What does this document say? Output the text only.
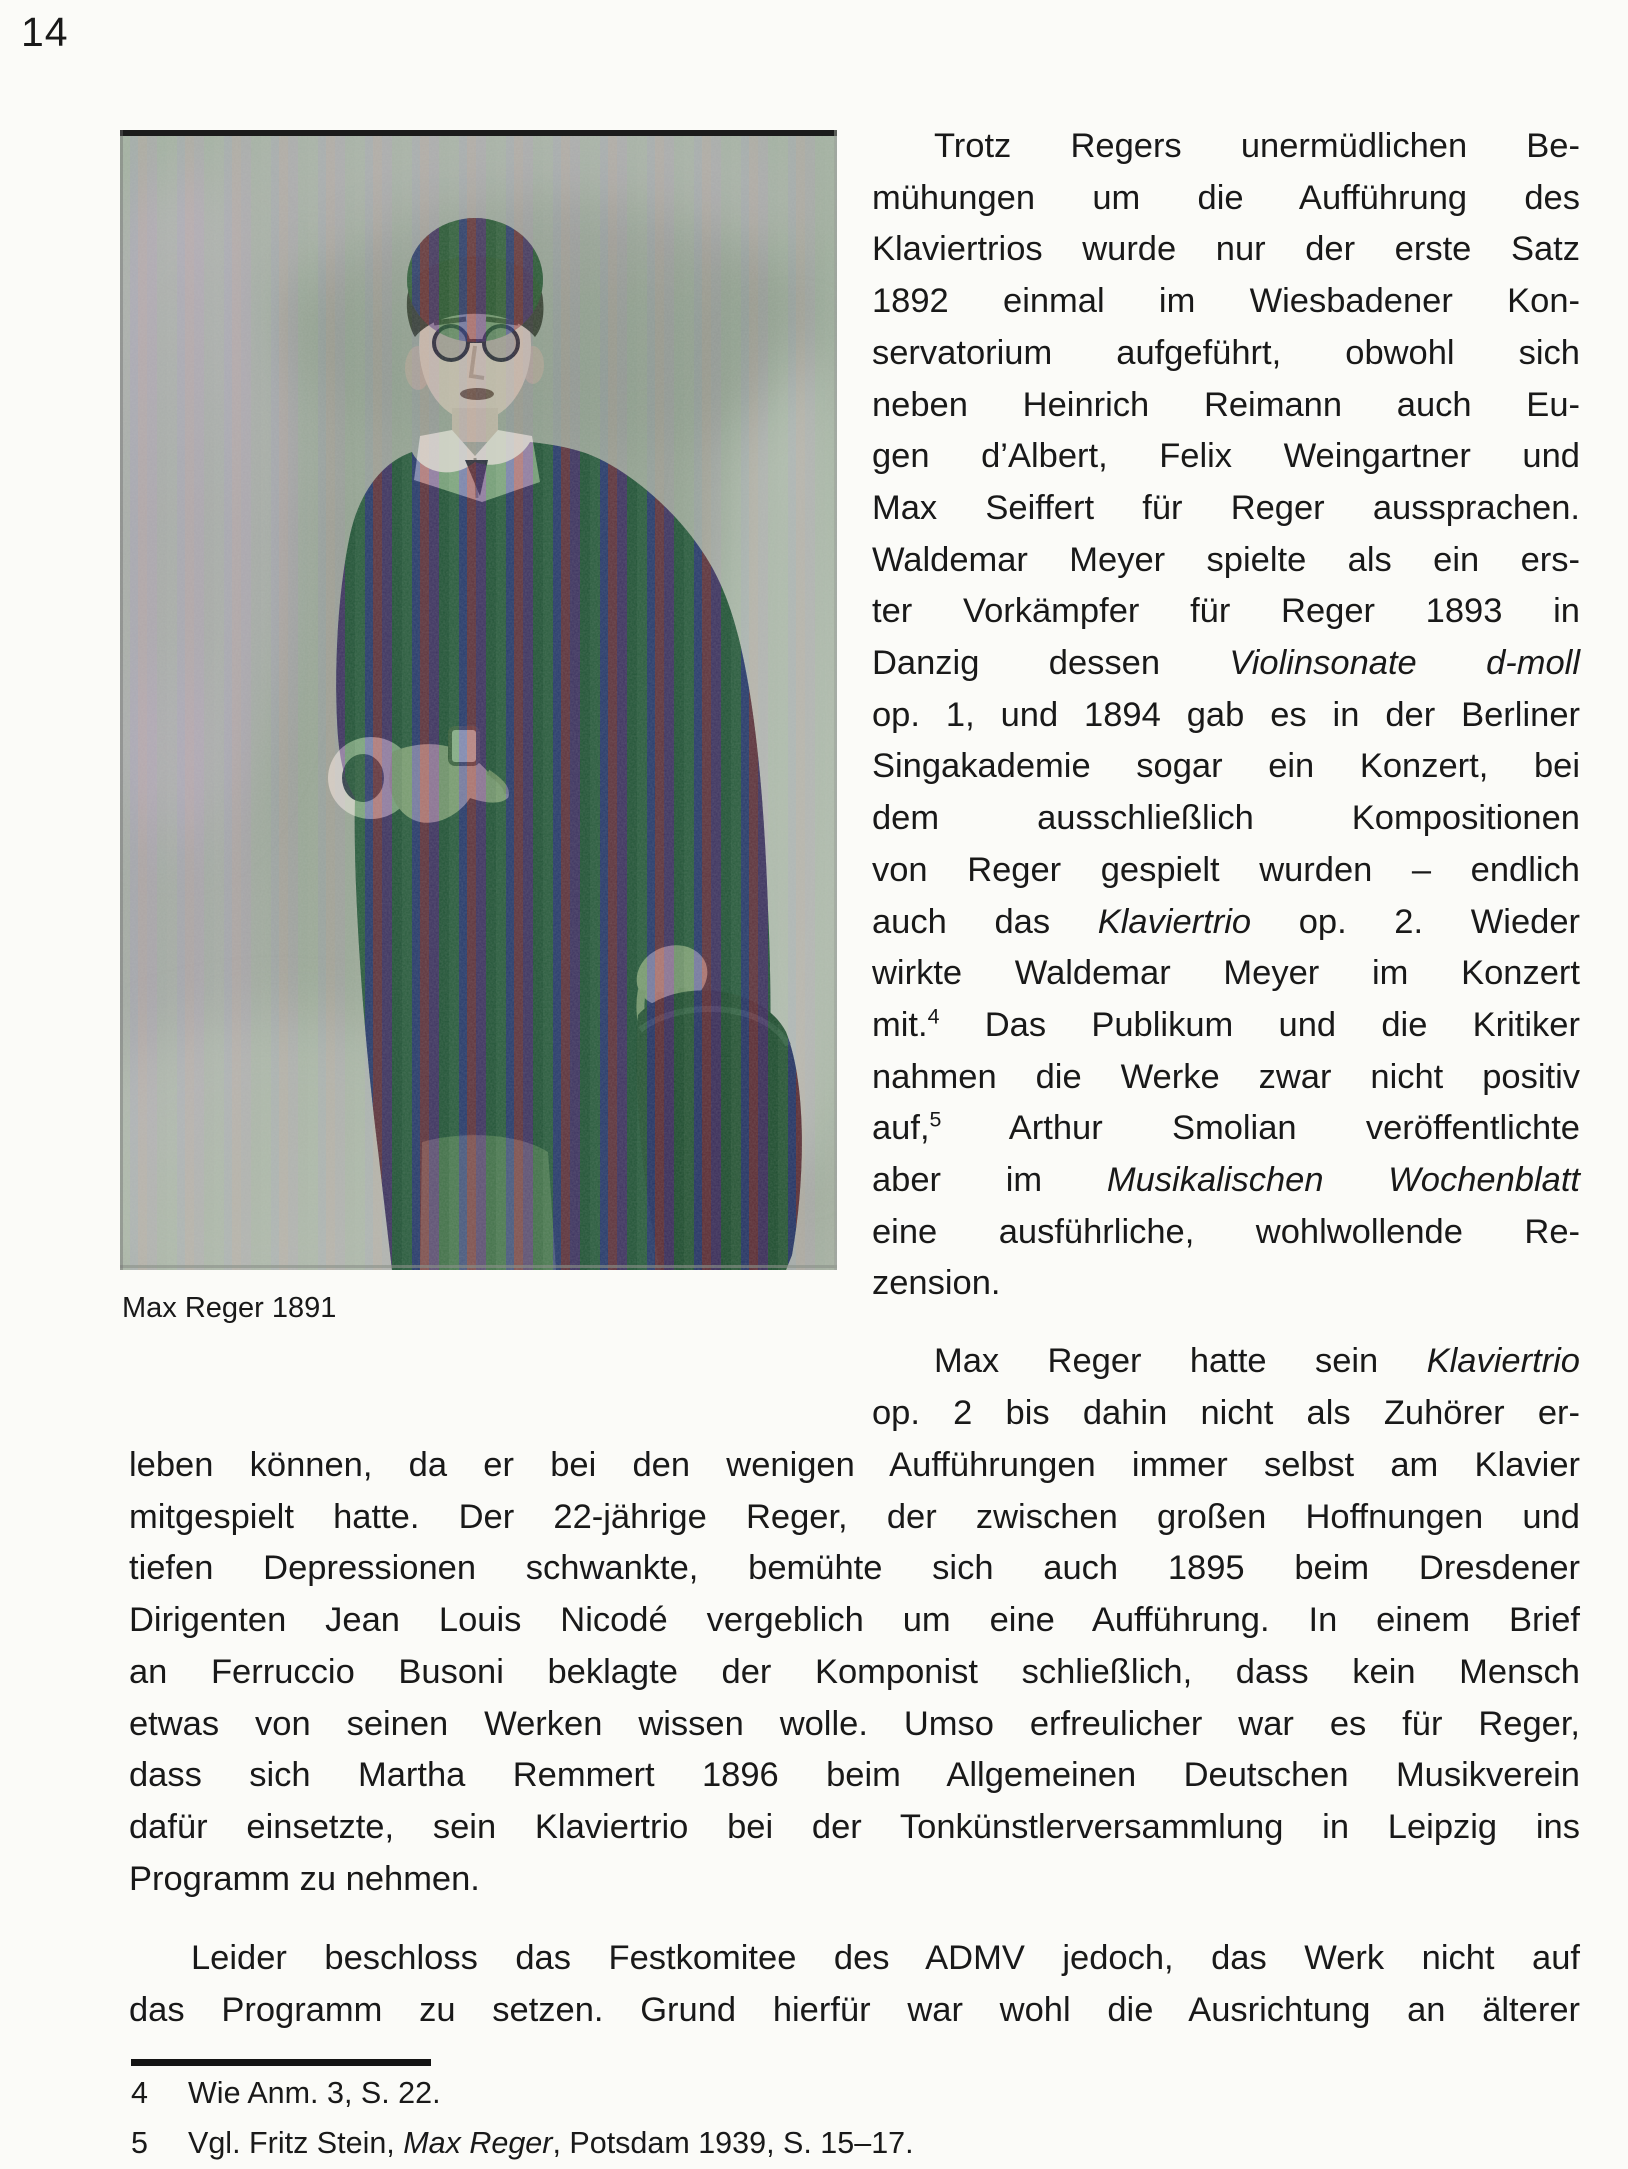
14
Max Reger 1891
Trotz Regers unermüdlichen Be-
mühungen um die Aufführung des
Klaviertrios wurde nur der erste Satz
1892 einmal im Wiesbadener Kon-
servatorium aufgeführt, obwohl sich
neben Heinrich Reimann auch Eu-
gen d’Albert, Felix Weingartner und
Max Seiffert für Reger aussprachen.
Waldemar Meyer spielte als ein ers-
ter Vorkämpfer für Reger 1893 in
Danzig dessen Violinsonate d-moll
op. 1, und 1894 gab es in der Berliner
Singakademie sogar ein Konzert, bei
dem ausschließlich Kompositionen
von Reger gespielt wurden – endlich
auch das Klaviertrio op. 2. Wieder
wirkte Waldemar Meyer im Konzert
mit.$^4$ Das Publikum und die Kritiker
nahmen die Werke zwar nicht positiv
auf,$^5$ Arthur Smolian veröffentlichte
aber im Musikalischen Wochenblatt
eine ausführliche, wohlwollende Re-
zension.
Max Reger hatte sein Klaviertrio
op. 2 bis dahin nicht als Zuhörer er-
leben können, da er bei den wenigen Aufführungen immer selbst am Klavier
mitgespielt hatte. Der 22-jährige Reger, der zwischen großen Hoffnungen und
tiefen Depressionen schwankte, bemühte sich auch 1895 beim Dresdener
Dirigenten Jean Louis Nicodé vergeblich um eine Aufführung. In einem Brief
an Ferruccio Busoni beklagte der Komponist schließlich, dass kein Mensch
etwas von seinen Werken wissen wolle. Umso erfreulicher war es für Reger,
dass sich Martha Remmert 1896 beim Allgemeinen Deutschen Musikverein
dafür einsetzte, sein Klaviertrio bei der Tonkünstlerversammlung in Leipzig ins
Programm zu nehmen.
Leider beschloss das Festkomitee des ADMV jedoch, das Werk nicht auf
das Programm zu setzen. Grund hierfür war wohl die Ausrichtung an älterer
4	Wie Anm. 3, S. 22.
5	Vgl. Fritz Stein, Max Reger, Potsdam 1939, S. 15–17.
